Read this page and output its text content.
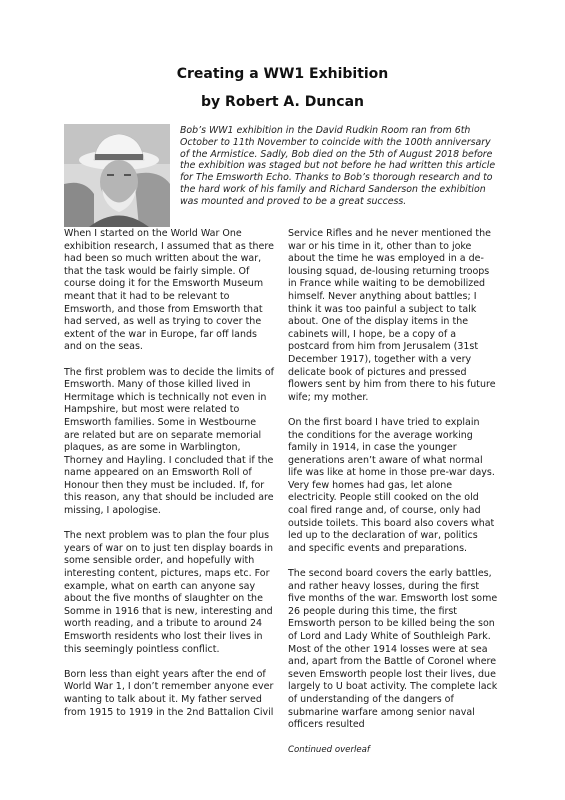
Creating a WW1 Exhibition
by Robert A. Duncan
Bob’s WW1 exhibition in the David Rudkin Room ran from 6th October to 11th November to coincide with the 100th anniversary of the Armistice. Sadly, Bob died on the 5th of August 2018 before the exhibition was staged but not before he had written this article for The Emsworth Echo. Thanks to Bob’s thorough research and to the hard work of his family and Richard Sanderson the exhibition was mounted and proved to be a great success.

When I started on the World War One exhibition research, I assumed that as there had been so much written about the war, that the task would be fairly simple. Of course doing it for the Emsworth Museum meant that it had to be relevant to Emsworth, and those from Emsworth that had served, as well as trying to cover the extent of the war in Europe, far off lands and on the seas.

The first problem was to decide the limits of Emsworth. Many of those killed lived in Hermitage which is technically not even in Hampshire, but most were related to Emsworth families. Some in Westbourne are related but are on separate memorial plaques, as are some in Warblington, Thorney and Hayling. I concluded that if the name appeared on an Emsworth Roll of Honour then they must be included. If, for this reason, any that should be included are missing, I apologise.

The next problem was to plan the four plus years of war on to just ten display boards in some sensible order, and hopefully with interesting content, pictures, maps etc. For example, what on earth can anyone say about the five months of slaughter on the Somme in 1916 that is new, interesting and worth reading, and a tribute to around 24 Emsworth residents who lost their lives in this seemingly pointless conflict.

Born less than eight years after the end of World War 1, I don’t remember anyone ever wanting to talk about it. My father served from 1915 to 1919 in the 2nd Battalion Civil

Service Rifles and he never mentioned the war or his time in it, other than to joke about the time he was employed in a de-lousing squad, de-lousing returning troops in France while waiting to be demobilized himself. Never anything about battles; I think it was too painful a subject to talk about. One of the display items in the cabinets will, I hope, be a copy of a postcard from him from Jerusalem (31st December 1917), together with a very delicate book of pictures and pressed flowers sent by him from there to his future wife; my mother.

On the first board I have tried to explain the conditions for the average working family in 1914, in case the younger generations aren’t aware of what normal life was like at home in those pre-war days. Very few homes had gas, let alone electricity. People still cooked on the old coal fired range and, of course, only had outside toilets. This board also covers what led up to the declaration of war, politics and specific events and preparations.

The second board covers the early battles, and rather heavy losses, during the first five months of the war. Emsworth lost some 26 people during this time, the first Emsworth person to be killed being the son of Lord and Lady White of Southleigh Park. Most of the other 1914 losses were at sea and, apart from the Battle of Coronel where seven Emsworth people lost their lives, due largely to U boat activity. The complete lack of understanding of the dangers of submarine warfare among senior naval officers resulted

Continued overleaf
